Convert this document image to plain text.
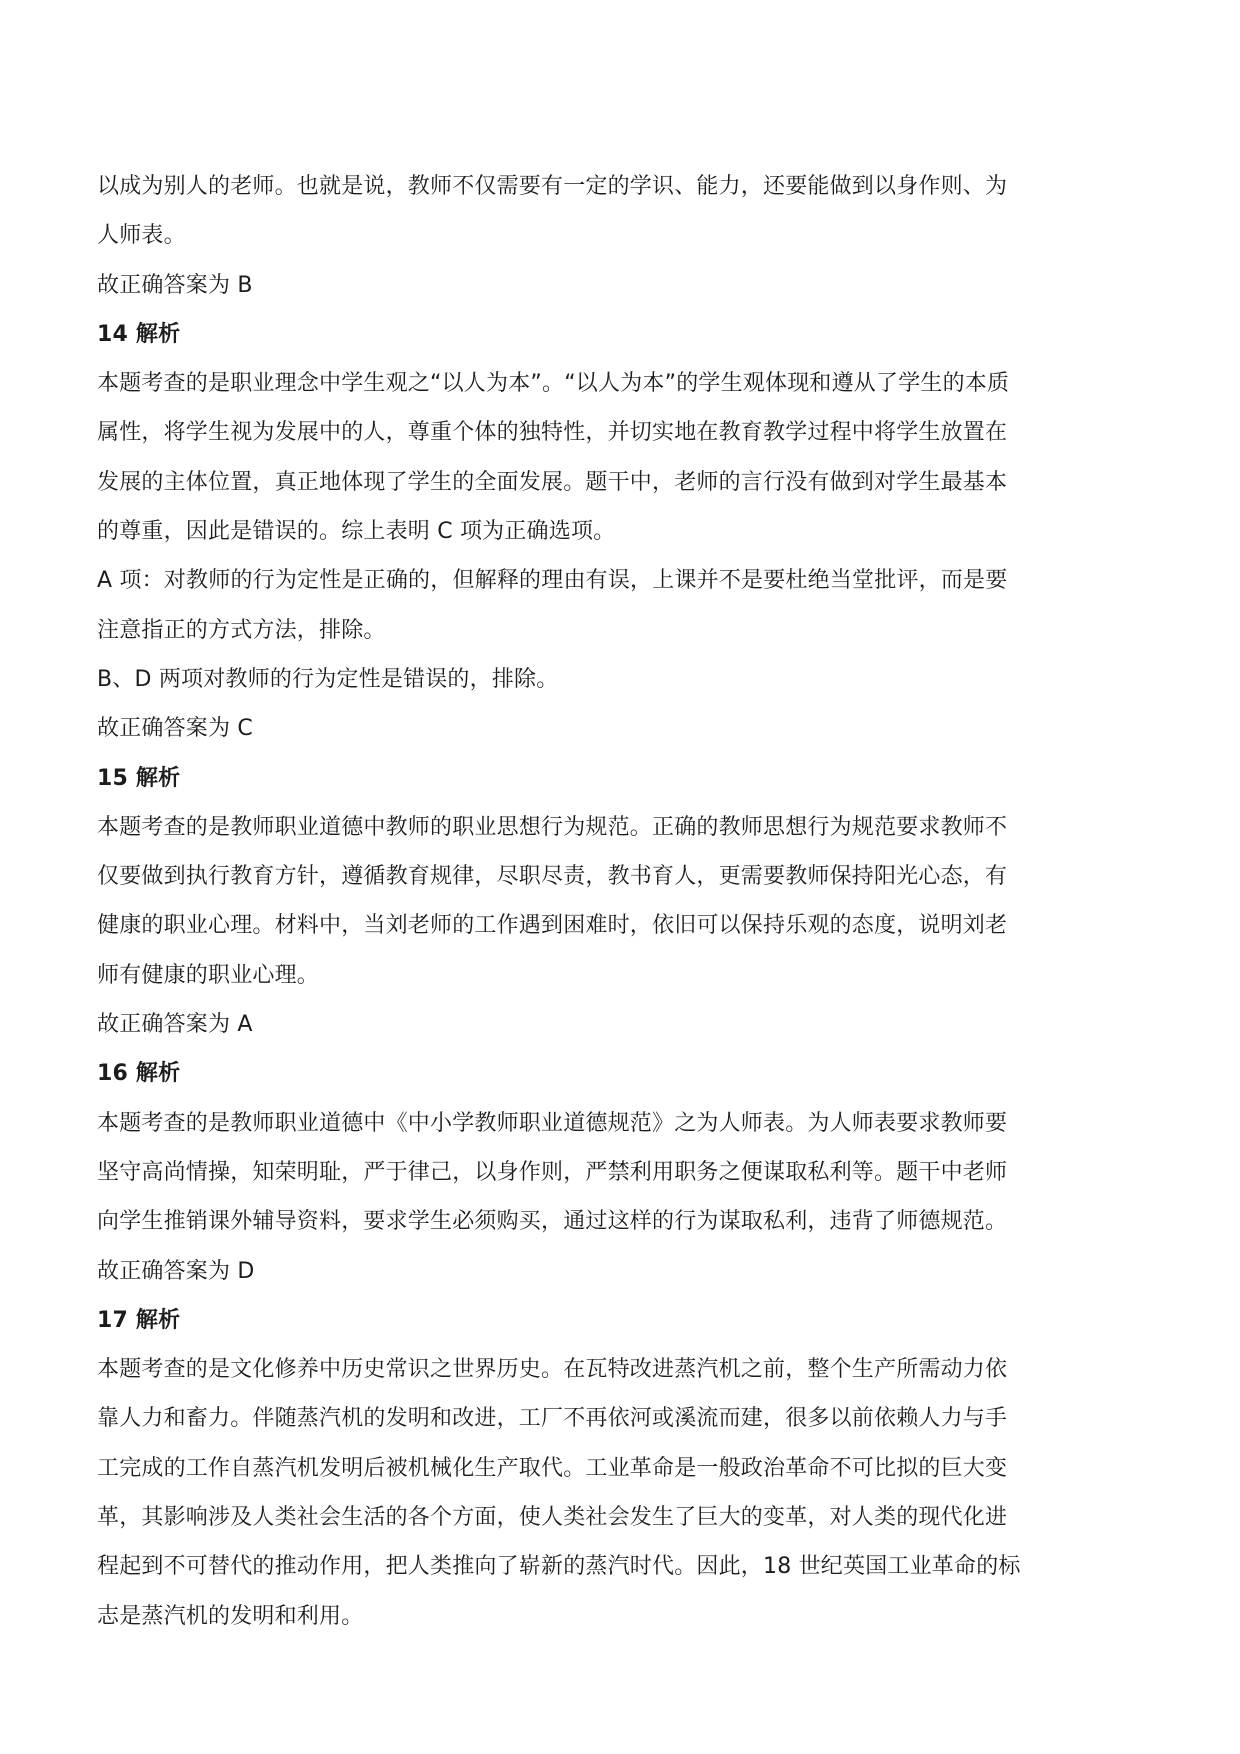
以成为别人的老师。也就是说，教师不仅需要有一定的学识、能力，还要能做到以身作则、为
人师表。
故正确答案为 B
14 解析
本题考查的是职业理念中学生观之“以人为本”。“以人为本”的学生观体现和遵从了学生的本质
属性，将学生视为发展中的人，尊重个体的独特性，并切实地在教育教学过程中将学生放置在
发展的主体位置，真正地体现了学生的全面发展。题干中，老师的言行没有做到对学生最基本
的尊重，因此是错误的。综上表明 C 项为正确选项。
A 项：对教师的行为定性是正确的，但解释的理由有误，上课并不是要杜绝当堂批评，而是要
注意指正的方式方法，排除。
B、D 两项对教师的行为定性是错误的，排除。
故正确答案为 C
15 解析
本题考查的是教师职业道德中教师的职业思想行为规范。正确的教师思想行为规范要求教师不
仅要做到执行教育方针，遵循教育规律，尽职尽责，教书育人，更需要教师保持阳光心态，有
健康的职业心理。材料中，当刘老师的工作遇到困难时，依旧可以保持乐观的态度，说明刘老
师有健康的职业心理。
故正确答案为 A
16 解析
本题考查的是教师职业道德中《中小学教师职业道德规范》之为人师表。为人师表要求教师要
坚守高尚情操，知荣明耻，严于律己，以身作则，严禁利用职务之便谋取私利等。题干中老师
向学生推销课外辅导资料，要求学生必须购买，通过这样的行为谋取私利，违背了师德规范。
故正确答案为 D
17 解析
本题考查的是文化修养中历史常识之世界历史。在瓦特改进蒸汽机之前，整个生产所需动力依
靠人力和畜力。伴随蒸汽机的发明和改进，工厂不再依河或溪流而建，很多以前依赖人力与手
工完成的工作自蒸汽机发明后被机械化生产取代。工业革命是一般政治革命不可比拟的巨大变
革，其影响涉及人类社会生活的各个方面，使人类社会发生了巨大的变革，对人类的现代化进
程起到不可替代的推动作用，把人类推向了崭新的蒸汽时代。因此，18 世纪英国工业革命的标
志是蒸汽机的发明和利用。
